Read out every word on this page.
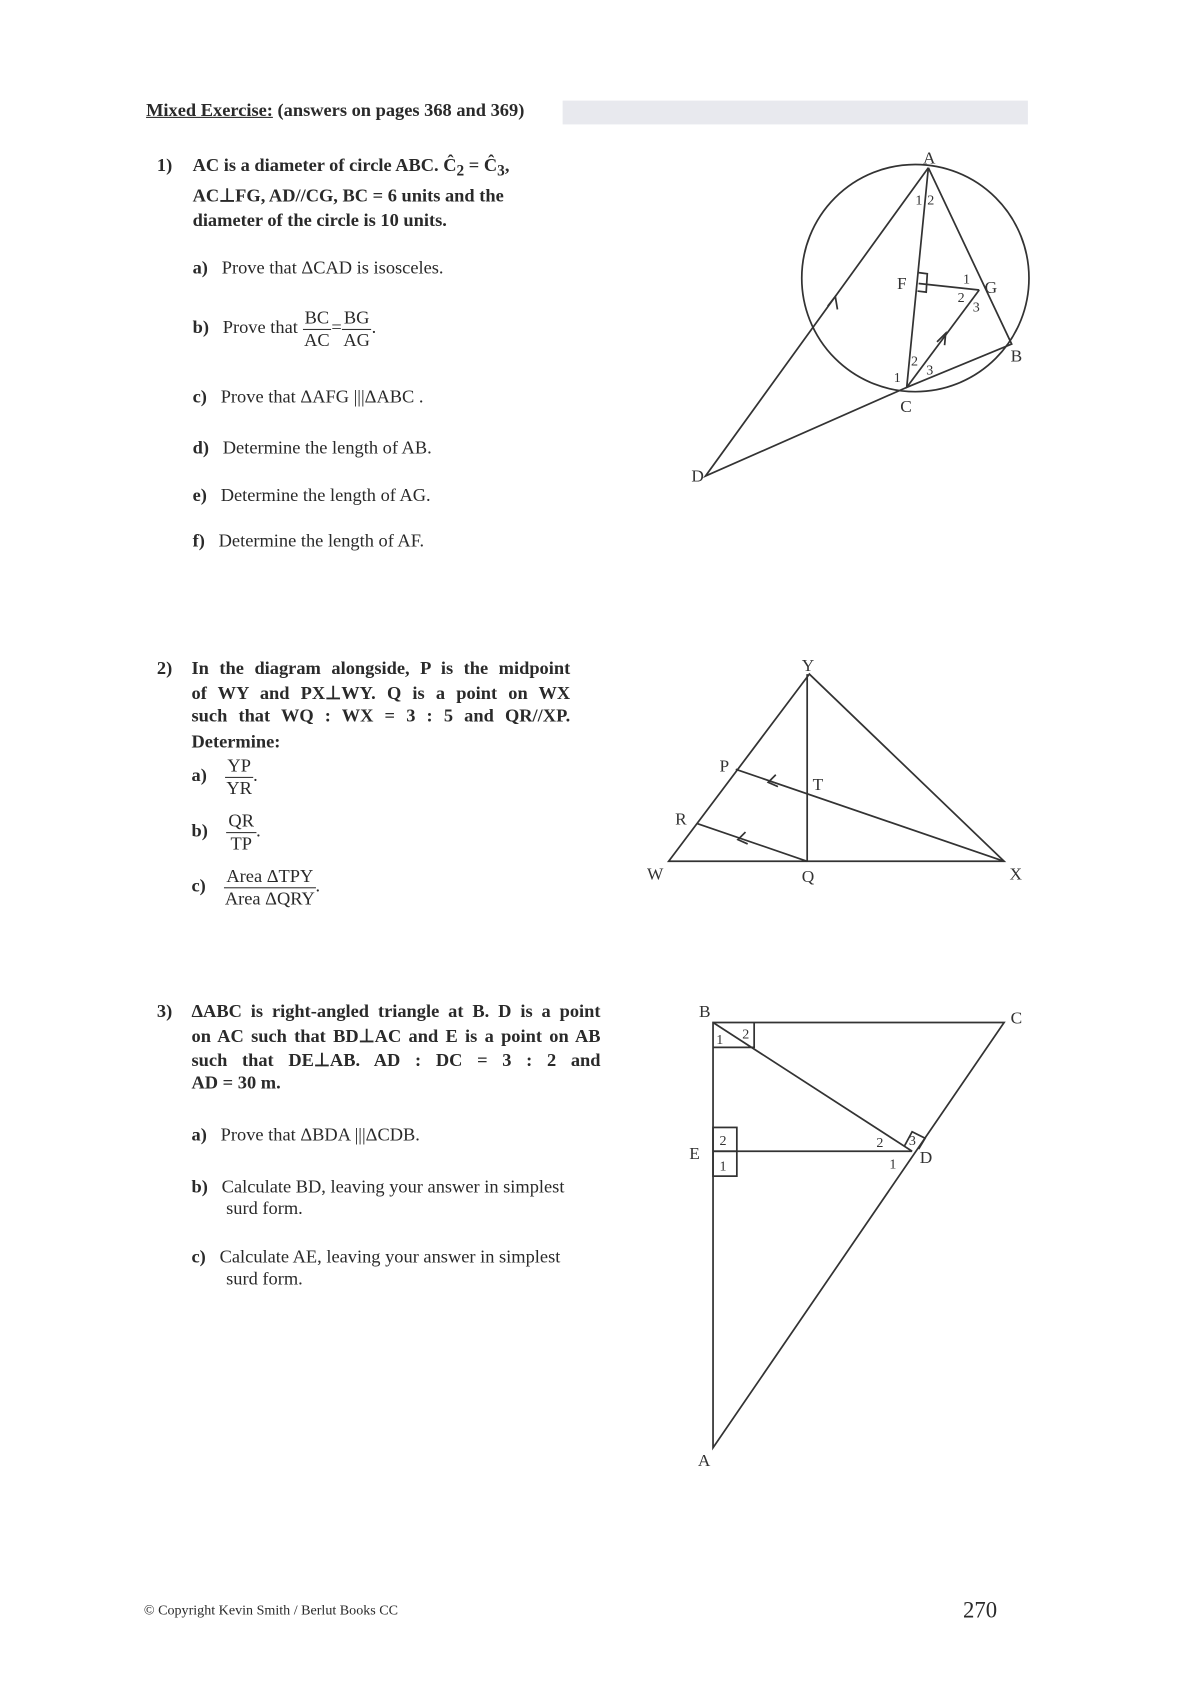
Mixed Exercise: (answers on pages 368 and 369)
1) AC is a diameter of circle ABC. $Ĉ_2$ = $Ĉ_3$,
AC⊥FG, AD//CG, BC = 6 units and the
diameter of the circle is 10 units.
a) Prove that ΔCAD is isosceles.
b) Prove that $\frac{BC}{AC} = \frac{BG}{AG}$ .
c) Prove that ΔAFG |||ΔABC .
d) Determine the length of AB.
e) Determine the length of AG.
f) Determine the length of AF.
2) In the diagram alongside, P is the midpoint
of WY and PX⊥WY. Q is a point on WX
such that WQ : WX = 3 : 5 and QR//XP.
Determine:
$a) \frac{YP}{YR}$ .
$b) \frac{QR}{TP}$ .
$c) \frac{\text{Area ΔTPY}}{\text{Area ΔQRY}}$ .
3) ΔABC is right-angled triangle at B. D is a point
on AC such that BD⊥AC and E is a point on AB
such that DE⊥AB. AD : DC = 3 : 2 and
AD = 30 m.
a) Prove that ΔBDA |||ΔCDB.
b) Calculate BD, leaving your answer in simplest
surd form.
c) Calculate AE, leaving your answer in simplest
surd form.
A
B
C
D
F	G
1 2
1
2
3
1
2
3
Y
P
T
R
W	Q	X
B	C
E	D
A
1 2
2
1
2
1
3
© Copyright Kevin Smith / Berlut Books CC	270
